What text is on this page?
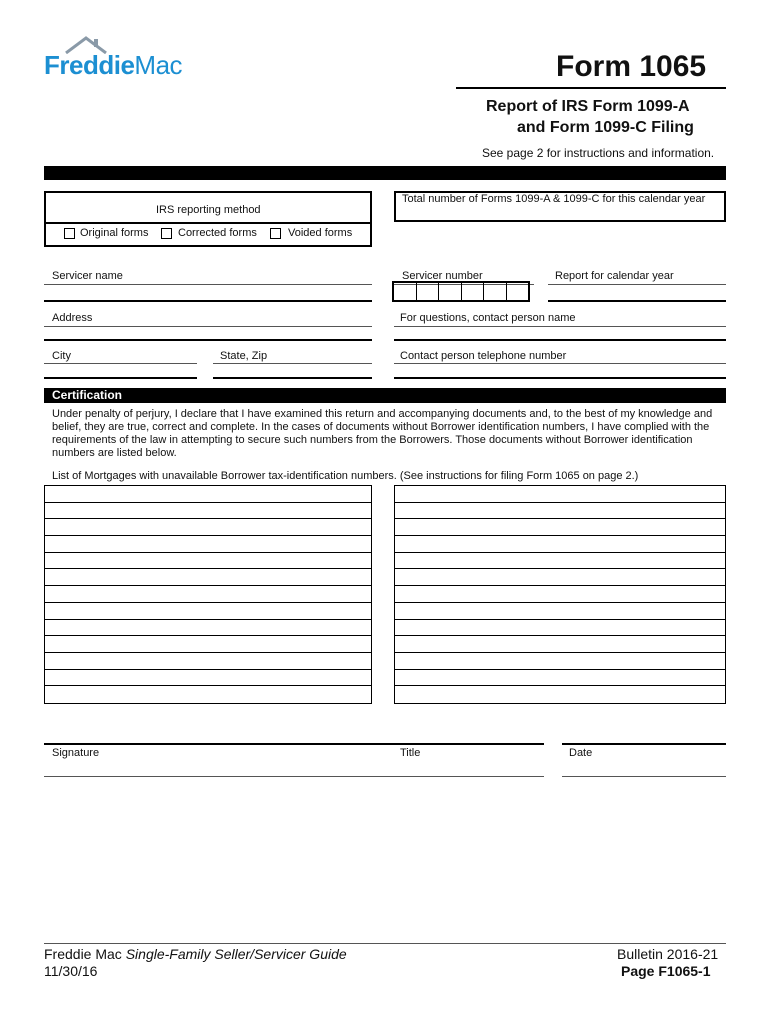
FreddieMac	Form 1065
Report of IRS Form 1099-A
and Form 1099-C Filing
See page 2 for instructions and information.
IRS reporting method
Original forms	Corrected forms	Voided forms
Total number of Forms 1099-A & 1099-C for this calendar year
Servicer name	Servicer number	Report for calendar year
Address	For questions, contact person name
City	State, Zip	Contact person telephone number
Certification
Under penalty of perjury, I declare that I have examined this return and accompanying documents and, to the best of my knowledge and belief, they are true, correct and complete. In the cases of documents without Borrower identification numbers, I have complied with the requirements of the law in attempting to secure such numbers from the Borrowers. Those documents without Borrower identification numbers are listed below.
List of Mortgages with unavailable Borrower tax-identification numbers. (See instructions for filing Form 1065 on page 2.)
Signature	Title	Date
Freddie Mac Single-Family Seller/Servicer Guide
11/30/16
Bulletin 2016-21
Page F1065-1
